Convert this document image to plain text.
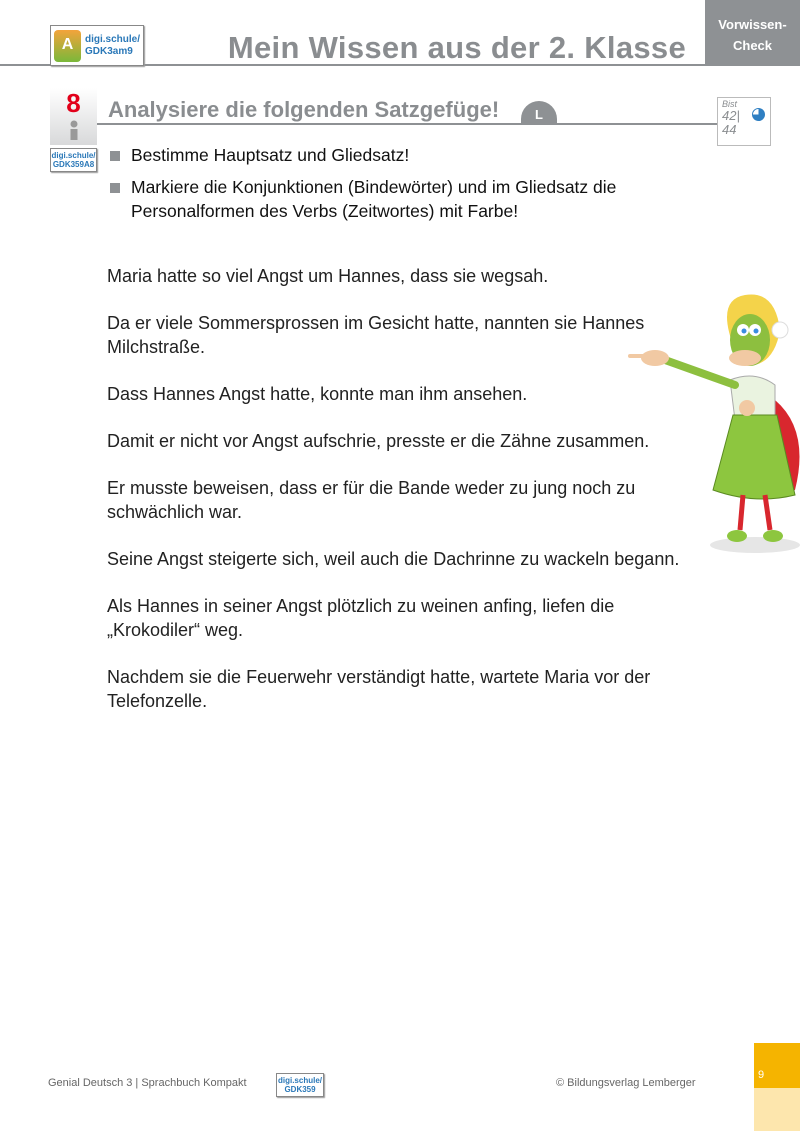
Vorwissen-
Check
A	digi.schule/
GDK3am9	Mein Wissen aus der 2. Klasse
8
digi.schule/
GDK359A8
Analysiere die folgenden Satzgefüge!	L
Bist
42|
44
Bestimme Hauptsatz und Gliedsatz!
Markiere die Konjunktionen (Bindewörter) und im Gliedsatz die Personalformen des Verbs (Zeitwortes) mit Farbe!

Maria hatte so viel Angst um Hannes, dass sie wegsah.

Da er viele Sommersprossen im Gesicht hatte, nannten sie Hannes Milchstraße.

Dass Hannes Angst hatte, konnte man ihm ansehen.

Damit er nicht vor Angst aufschrie, presste er die Zähne zusammen.

Er musste beweisen, dass er für die Bande weder zu jung noch zu schwächlich war.

Seine Angst steigerte sich, weil auch die Dachrinne zu wackeln begann.

Als Hannes in seiner Angst plötzlich zu weinen anfing, liefen die „Krokodiler“ weg.

Nachdem sie die Feuerwehr verständigt hatte, wartete Maria vor der Telefonzelle.

Genial Deutsch 3 | Sprachbuch Kompakt	digi.schule/
GDK359
© Bildungsverlag Lemberger
9
